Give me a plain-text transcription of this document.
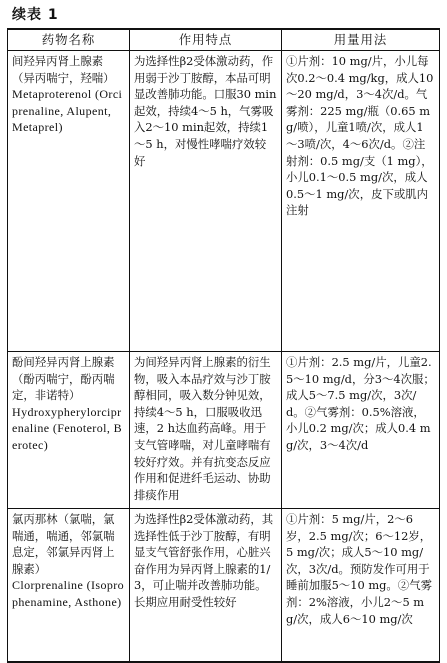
续表 1
药物名称	作用特点	用量用法

间羟异丙肾上腺素（异丙喘宁，羟喘）
Metaproterenol (Orciprenaline, Alupent, Metaprel)	为选择性β2受体激动药，作用弱于沙丁胺醇，本品可明显改善肺功能。口服30 min起效，持续4～5 h，气雾吸入2～10 min起效，持续1～5 h，对慢性哮喘疗效较好	①片剂：10 mg/片，小儿每次0.2～0.4 mg/kg，成人10～20 mg/d，3～4次/d。气雾剂：225 mg/瓶（0.65 mg/喷），儿童1喷/次，成人1～3喷/次，4～6次/d。②注射剂：0.5 mg/支（1 mg），小儿0.1～0.5 mg/次，成人0.5～1 mg/次，皮下或肌内注射

酚间羟异丙肾上腺素（酚丙喘宁，酚丙喘定，非诺特）
Hydroxypherylorciprenaline (Fenoterol, Berotec)	为间羟异丙肾上腺素的衍生物，吸入本品疗效与沙丁胺醇相同，吸入数分钟见效，持续4～5 h，口服吸收迅速，2 h达血药高峰。用于支气管哮喘，对儿童哮喘有较好疗效。并有抗变态反应作用和促进纤毛运动、协助排痰作用	①片剂：2.5 mg/片，儿童2.5～10 mg/d，分3～4次服；成人5～7.5 mg/次，3次/d。②气雾剂：0.5%溶液，小儿0.2 mg/次；成人0.4 mg/次，3～4次/d

氯丙那林（氯喘，氯喘通，喘通，邻氯喘息定，邻氯异丙肾上腺素）
Clorprenaline (Isoprophenamine, Asthone)	为选择性β2受体激动药，其选择性低于沙丁胺醇，有明显支气管舒张作用，心脏兴奋作用为异丙肾上腺素的1/3，可止喘并改善肺功能。长期应用耐受性较好	①片剂：5 mg/片，2～6岁，2.5 mg/次；6～12岁，5 mg/次；成人5～10 mg/次，3次/d。预防发作可用于睡前加服5～10 mg。②气雾剂：2%溶液，小儿2～5 mg/次，成人6～10 mg/次
